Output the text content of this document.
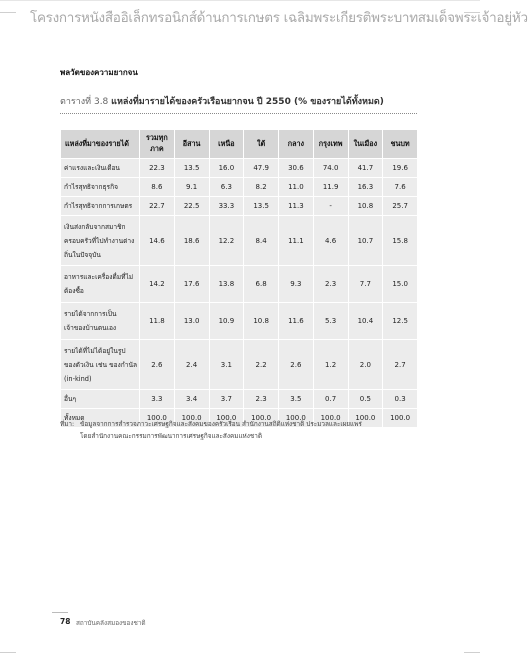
โครงการหนังสืออิเล็กทรอนิกส์ด้านการเกษตร เฉลิมพระเกียรติพระบาทสมเด็จพระเจ้าอยู่หัว
พลวัตของความยากจน
ตารางที่ 3.8 แหล่งที่มารายได้ของครัวเรือนยากจน ปี 2550 (% ของรายได้ทั้งหมด)
แหล่งที่มาของรายได้	รวมทุกภาค	อีสาน	เหนือ	ใต้	กลาง	กรุงเทพ	ในเมือง	ชนบท
ค่าแรงและเงินเดือน	22.3	13.5	16.0	47.9	30.6	74.0	41.7	19.6
กำไรสุทธิจากธุรกิจ	8.6	9.1	6.3	8.2	11.0	11.9	16.3	7.6
กำไรสุทธิจากการเกษตร	22.7	22.5	33.3	13.5	11.3	-	10.8	25.7
เงินส่งกลับจากสมาชิกครอบครัวที่ไปทำงานต่างถิ่นในปัจจุบัน	14.6	18.6	12.2	8.4	11.1	4.6	10.7	15.8
อาหารและเครื่องดื่มที่ไม่ต้องซื้อ	14.2	17.6	13.8	6.8	9.3	2.3	7.7	15.0
รายได้จากการเป็นเจ้าของบ้านตนเอง	11.8	13.0	10.9	10.8	11.6	5.3	10.4	12.5
รายได้ที่ไม่ได้อยู่ในรูปของตัวเงิน เช่น ของกำนัล (in-kind)	2.6	2.4	3.1	2.2	2.6	1.2	2.0	2.7
อื่นๆ	3.3	3.4	3.7	2.3	3.5	0.7	0.5	0.3
ทั้งหมด	100.0	100.0	100.0	100.0	100.0	100.0	100.0	100.0
ที่มา: ข้อมูลจากการสำรวจภาวะเศรษฐกิจและสังคมของครัวเรือน สำนักงานสถิติแห่งชาติ ประมวลและเผยแพร่
โดยสำนักงานคณะกรรมการพัฒนาการเศรษฐกิจและสังคมแห่งชาติ
78 สถาบันคลังสมองของชาติ
